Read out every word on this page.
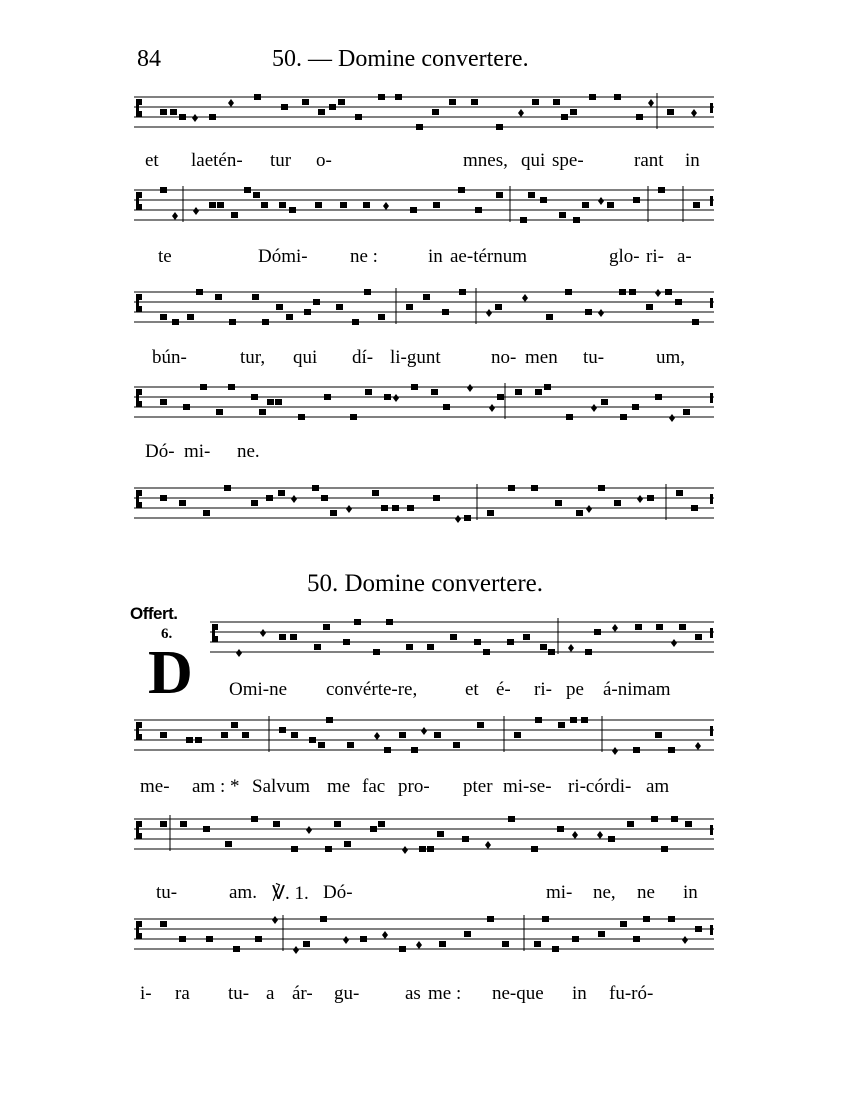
84	50. — Domine convertere.
et laetén- tur o-	mnes, qui spe-	rant in
te	Dómi- ne :	in ae-térnum	glo- ri- a-
bún-	tur, qui dí- li-gunt	no- men tu-	um,
Dó- mi- ne.
50. Domine convertere.
Offert.
6.
D Omi-ne convérte-re,	et é- ri- pe á-nimam
me- am : * Salvum me fac pro- pter mi-se- ri-córdi- am
tu-	am. ℣. 1. Dó-	mi- ne, ne in
i- ra tu- a ár- gu- as me : ne-que in fu-ró-
